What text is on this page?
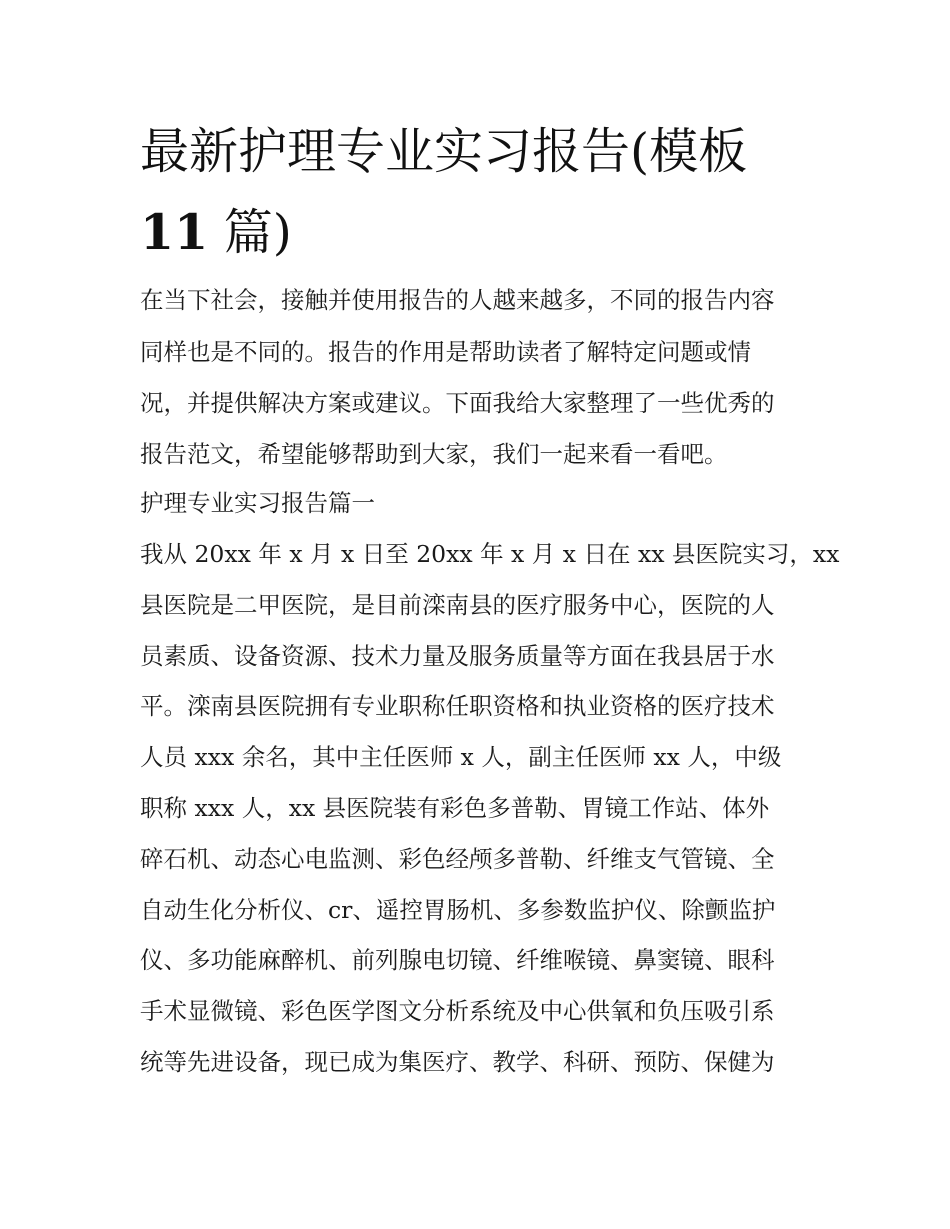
最新护理专业实习报告(模板
11 篇)
在当下社会，接触并使用报告的人越来越多，不同的报告内容
同样也是不同的。报告的作用是帮助读者了解特定问题或情
况，并提供解决方案或建议。下面我给大家整理了一些优秀的
报告范文，希望能够帮助到大家，我们一起来看一看吧。
护理专业实习报告篇一
我从 20xx 年 x 月 x 日至 20xx 年 x 月 x 日在 xx 县医院实习，xx
县医院是二甲医院，是目前滦南县的医疗服务中心，医院的人
员素质、设备资源、技术力量及服务质量等方面在我县居于水
平。滦南县医院拥有专业职称任职资格和执业资格的医疗技术
人员 xxx 余名，其中主任医师 x 人，副主任医师 xx 人，中级
职称 xxx 人，xx 县医院装有彩色多普勒、胃镜工作站、体外
碎石机、动态心电监测、彩色经颅多普勒、纤维支气管镜、全
自动生化分析仪、cr、遥控胃肠机、多参数监护仪、除颤监护
仪、多功能麻醉机、前列腺电切镜、纤维喉镜、鼻窦镜、眼科
手术显微镜、彩色医学图文分析系统及中心供氧和负压吸引系
统等先进设备，现已成为集医疗、教学、科研、预防、保健为
